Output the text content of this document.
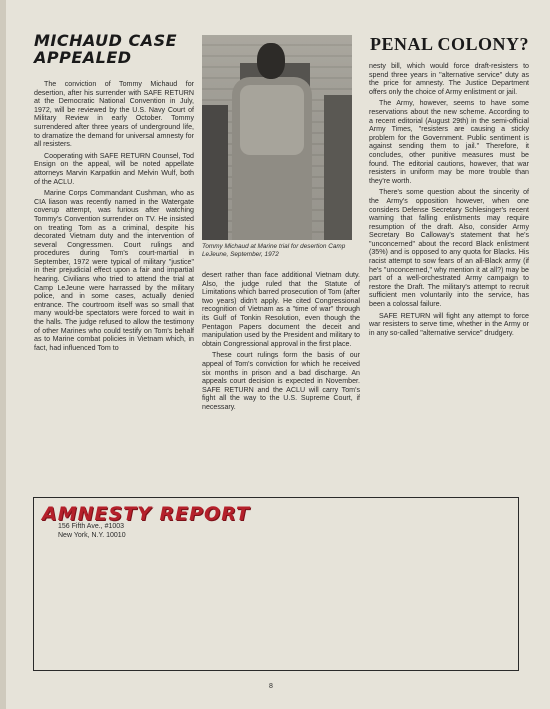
MICHAUD CASE
APPEALED

The conviction of Tommy Michaud for desertion, after his surrender with SAFE RETURN at the Democratic National Convention in July, 1972, will be reviewed by the U.S. Navy Court of Military Review in early October. Tommy surrendered after three years of underground life, to dramatize the demand for universal amnesty for all resisters.

Cooperating with SAFE RETURN Counsel, Tod Ensign on the appeal, will be noted appellate attorneys Marvin Karpatkin and Melvin Wulf, both of the ACLU.

Marine Corps Commandant Cushman, who as CIA liason was recently named in the Watergate coverup attempt, was furious after watching Tommy's Convention surrender on TV. He insisted on treating Tom as a criminal, despite his decorated Vietnam duty and the intervention of several Congressmen. Court rulings and procedures during Tom's court-martial in September, 1972 were typical of military "justice" in their prejudicial effect upon a fair and impartial hearing. Civilians who tried to attend the trial at Camp LeJeune were harrassed by the military police, and in some cases, actually denied entrance. The courtroom itself was so small that many would-be spectators were forced to wait in the halls. The judge refused to allow the testimony of other Marines who could testify on Tom's behalf as to Marine combat policies in Vietnam which, in fact, had influenced Tom to

Tommy Michaud at Marine trial for desertion Camp LeJeune, September, 1972

desert rather than face additional Vietnam duty. Also, the judge ruled that the Statute of Limitations which barred prosecution of Tom (after two years) didn't apply. He cited Congressional recognition of Vietnam as a "time of war" through its Gulf of Tonkin Resolution, even though the Pentagon Papers document the deceit and manipulation used by the President and military to obtain Congressional approval in the first place.

These court rulings form the basis of our appeal of Tom's conviction for which he received six months in prison and a bad discharge. An appeals court decision is expected in November. SAFE RETURN and the ACLU will carry Tom's fight all the way to the U.S. Supreme Court, if necessary.

PENAL COLONY?

nesty bill, which would force draft-resisters to spend three years in "alternative service" duty as the price for amnesty. The Justice Department offers only the choice of Army enlistment or jail.

The Army, however, seems to have some reservations about the new scheme. According to a recent editorial (August 29th) in the semi-official Army Times, "resisters are causing a sticky problem for the Government. Public sentiment is against sending them to jail." Therefore, it concludes, other punitive measures must be found. The editorial cautions, however, that war resisters in uniform may be more trouble than they're worth.

There's some question about the sincerity of the Army's opposition however, when one considers Defense Secretary Schlesinger's recent warning that falling enlistments may require resumption of the draft. Also, consider Army Secretary Bo Calloway's statement that he's "unconcerned" about the record Black enlistment (35%) and is opposed to any quota for Blacks. His racist attempt to sow fears of an all-Black army (if he's "unconcerned," why mention it at all?) may be part of a well-orchestrated Army campaign to restore the Draft. The military's attempt to recruit sufficient men voluntarily into the service, has been a colossal failure.

SAFE RETURN will fight any attempt to force war resisters to serve time, whether in the Army or in any so-called "alternative service" drudgery.

AMNESTY REPORT
156 Fifth Ave., #1003
New York, N.Y. 10010
8
